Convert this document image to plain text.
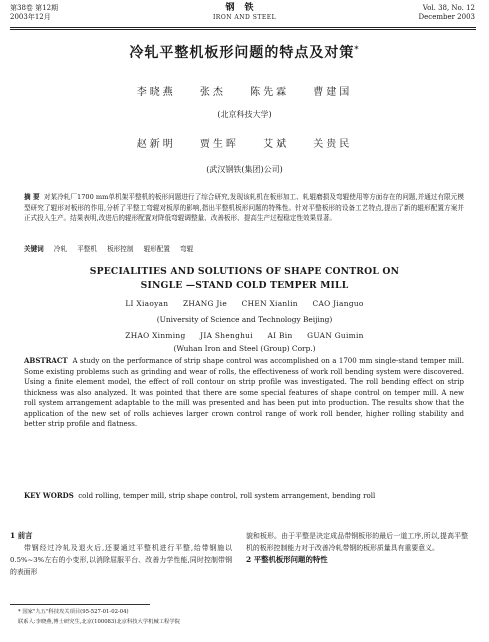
第38卷 第12期
2003年12月
钢铁
IRON AND STEEL
Vol. 38, No. 12
December 2003
冷轧平整机板形问题的特点及对策*
李晓燕 张杰 陈先霖 曹建国
(北京科技大学)
赵新明 贾生晖 艾斌 关贵民
(武汉钢铁(集团)公司)
摘 要 对某冷轧厂1700 mm单机架平整机的板形问题进行了综合研究,发现该轧机在板形加工、轧辊磨损及弯辊使用等方面存在的问题,并通过有限元模型研究了辊形对板形的作用,分析了平整工弯辊对板厚的影响,指出平整机板形问题的特殊性。针对平整板形的设备工艺特点,提出了新的辊形配置方案并正式投入生产。结果表明,改进后的辊形配置对降低弯辊调整量、改善板形、提高生产过程稳定性效果显著。
关键词 冷轧 平整机 板形控制 辊形配置 弯辊
SPECIALITIES AND SOLUTIONS OF SHAPE CONTROL ON
SINGLE —STAND COLD TEMPER MILL
LI Xiaoyan ZHANG Jie CHEN Xianlin CAO Jianguo
(University of Science and Technology Beijing)
ZHAO Xinming JIA Shenghui AI Bin GUAN Guimin
(Wuhan Iron and Steel (Group) Corp.)
ABSTRACT A study on the performance of strip shape control was accomplished on a 1700 mm single-stand temper mill. Some existing problems such as grinding and wear of rolls, the effectiveness of work roll bending system were discovered. Using a finite element model, the effect of roll contour on strip profile was investigated. The roll bending effect on strip thickness was also analyzed. It was pointed that there are some special features of shape control on temper mill. A new roll system arrangement adaptable to the mill was presented and has been put into production. The results show that the application of the new set of rolls achieves larger crown control range of work roll bender, higher rolling stability and better strip profile and flatness.
KEY WORDS cold rolling, temper mill, strip shape control, roll system arrangement, bending roll
1 前言
带钢经过冷轧及退火后,还要通过平整机进行平整,给带钢施以0.5%~3%左右的小变形,以消除屈服平台、改善力学性能,同时控制带钢的表面形
貌和板形。由于平整是决定成品带钢板形的最后一道工序,所以,提高平整机的板形控制能力对于改善冷轧带钢的板形质量具有重要意义。
2 平整机板形问题的特性
* 国家"九五"科技攻关项目(95-527-01-02-04)
联系人:李晓燕,博士研究生,北京(100083)北京科技大学机械工程学院
